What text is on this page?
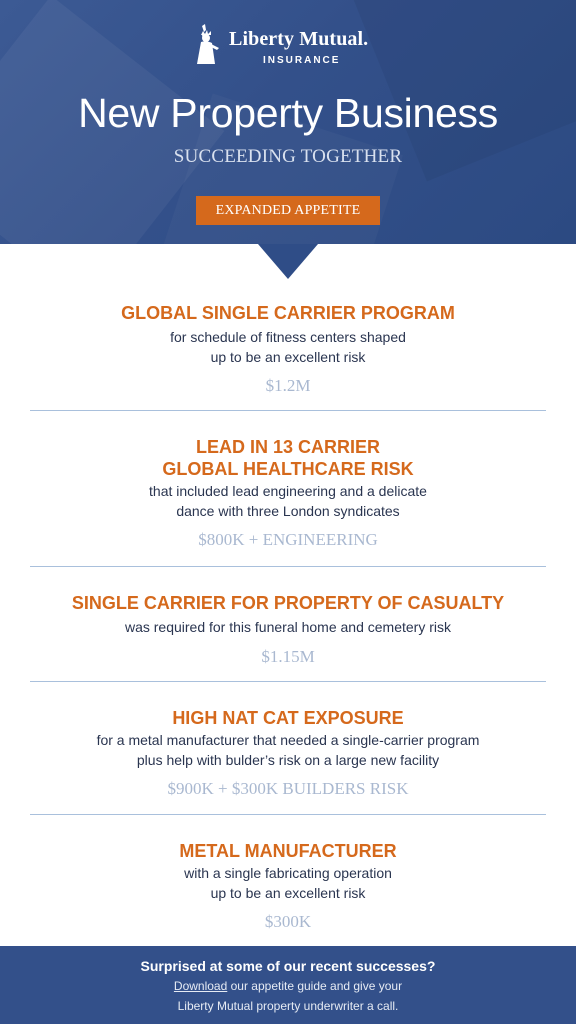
Liberty Mutual.
INSURANCE
New Property Business
SUCCEEDING TOGETHER
EXPANDED APPETITE
GLOBAL SINGLE CARRIER PROGRAM
for schedule of fitness centers shaped
up to be an excellent risk
$1.2M
LEAD IN 13 CARRIER
GLOBAL HEALTHCARE RISK
that included lead engineering and a delicate
dance with three London syndicates
$800K + ENGINEERING
SINGLE CARRIER FOR PROPERTY OF CASUALTY
was required for this funeral home and cemetery risk
$1.15M
HIGH NAT CAT EXPOSURE
for a metal manufacturer that needed a single-carrier program
plus help with bulder’s risk on a large new facility
$900K + $300K BUILDERS RISK
METAL MANUFACTURER
with a single fabricating operation
up to be an excellent risk
$300K
Surprised at some of our recent successes?
Download our appetite guide and give your
Liberty Mutual property underwriter a call.
